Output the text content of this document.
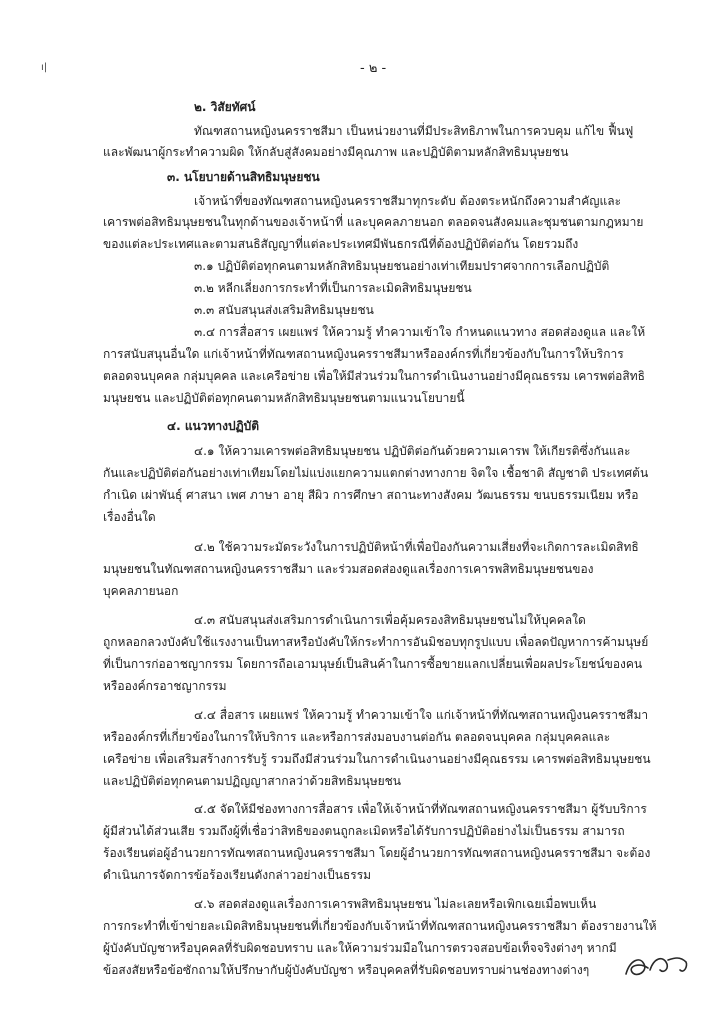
- ๒ -
ı|
๒. วิสัยทัศน์
ทัณฑสถานหญิงนครราชสีมา เป็นหน่วยงานที่มีประสิทธิภาพในการควบคุม แก้ไข ฟื้นฟู
และพัฒนาผู้กระทำความผิด ให้กลับสู่สังคมอย่างมีคุณภาพ และปฏิบัติตามหลักสิทธิมนุษยชน
๓. นโยบายด้านสิทธิมนุษยชน
เจ้าหน้าที่ของทัณฑสถานหญิงนครราชสีมาทุกระดับ ต้องตระหนักถึงความสำคัญและ
เคารพต่อสิทธิมนุษยชนในทุกด้านของเจ้าหน้าที่ และบุคคลภายนอก ตลอดจนสังคมและชุมชนตามกฎหมาย
ของแต่ละประเทศและตามสนธิสัญญาที่แต่ละประเทศมีพันธกรณีที่ต้องปฏิบัติต่อกัน โดยรวมถึง
๓.๑ ปฏิบัติต่อทุกคนตามหลักสิทธิมนุษยชนอย่างเท่าเทียมปราศจากการเลือกปฏิบัติ
๓.๒ หลีกเลี่ยงการกระทำที่เป็นการละเมิดสิทธิมนุษยชน
๓.๓ สนับสนุนส่งเสริมสิทธิมนุษยชน
๓.๔ การสื่อสาร เผยแพร่ ให้ความรู้ ทำความเข้าใจ กำหนดแนวทาง สอดส่องดูแล และให้
การสนับสนุนอื่นใด แก่เจ้าหน้าที่ทัณฑสถานหญิงนครราชสีมาหรือองค์กรที่เกี่ยวข้องกับในการให้บริการ
ตลอดจนบุคคล กลุ่มบุคคล และเครือข่าย เพื่อให้มีส่วนร่วมในการดำเนินงานอย่างมีคุณธรรม เคารพต่อสิทธิ
มนุษยชน และปฏิบัติต่อทุกคนตามหลักสิทธิมนุษยชนตามแนวนโยบายนี้
๔. แนวทางปฏิบัติ
๔.๑ ให้ความเคารพต่อสิทธิมนุษยชน ปฏิบัติต่อกันด้วยความเคารพ ให้เกียรติซึ่งกันและ
กันและปฏิบัติต่อกันอย่างเท่าเทียมโดยไม่แบ่งแยกความแตกต่างทางกาย จิตใจ เชื้อชาติ สัญชาติ ประเทศต้น
กำเนิด เผ่าพันธุ์ ศาสนา เพศ ภาษา อายุ สีผิว การศึกษา สถานะทางสังคม วัฒนธรรม ขนบธรรมเนียม หรือ
เรื่องอื่นใด
๔.๒ ใช้ความระมัดระวังในการปฏิบัติหน้าที่เพื่อป้องกันความเสี่ยงที่จะเกิดการละเมิดสิทธิ
มนุษยชนในทัณฑสถานหญิงนครราชสีมา และร่วมสอดส่องดูแลเรื่องการเคารพสิทธิมนุษยชนของ
บุคคลภายนอก
๔.๓ สนับสนุนส่งเสริมการดำเนินการเพื่อคุ้มครองสิทธิมนุษยชนไม่ให้บุคคลใด
ถูกหลอกลวงบังคับใช้แรงงานเป็นทาสหรือบังคับให้กระทำการอันมิชอบทุกรูปแบบ เพื่อลดปัญหาการค้ามนุษย์
ที่เป็นการก่ออาชญากรรม โดยการถือเอามนุษย์เป็นสินค้าในการซื้อขายแลกเปลี่ยนเพื่อผลประโยชน์ของคน
หรือองค์กรอาชญากรรม
๔.๔ สื่อสาร เผยแพร่ ให้ความรู้ ทำความเข้าใจ แก่เจ้าหน้าที่ทัณฑสถานหญิงนครราชสีมา
หรือองค์กรที่เกี่ยวข้องในการให้บริการ และหรือการส่งมอบงานต่อกัน ตลอดจนบุคคล กลุ่มบุคคลและ
เครือข่าย เพื่อเสริมสร้างการรับรู้ รวมถึงมีส่วนร่วมในการดำเนินงานอย่างมีคุณธรรม เคารพต่อสิทธิมนุษยชน
และปฏิบัติต่อทุกคนตามปฏิญญาสากลว่าด้วยสิทธิมนุษยชน
๔.๕ จัดให้มีช่องทางการสื่อสาร เพื่อให้เจ้าหน้าที่ทัณฑสถานหญิงนครราชสีมา ผู้รับบริการ
ผู้มีส่วนได้ส่วนเสีย รวมถึงผู้ที่เชื่อว่าสิทธิของตนถูกละเมิดหรือได้รับการปฏิบัติอย่างไม่เป็นธรรม สามารถ
ร้องเรียนต่อผู้อำนวยการทัณฑสถานหญิงนครราชสีมา โดยผู้อำนวยการทัณฑสถานหญิงนครราชสีมา จะต้อง
ดำเนินการจัดการข้อร้องเรียนดังกล่าวอย่างเป็นธรรม
๔.๖ สอดส่องดูแลเรื่องการเคารพสิทธิมนุษยชน ไม่ละเลยหรือเพิกเฉยเมื่อพบเห็น
การกระทำที่เข้าข่ายละเมิดสิทธิมนุษยชนที่เกี่ยวข้องกับเจ้าหน้าที่ทัณฑสถานหญิงนครราชสีมา ต้องรายงานให้
ผู้บังคับบัญชาหรือบุคคลที่รับผิดชอบทราบ และให้ความร่วมมือในการตรวจสอบข้อเท็จจริงต่างๆ หากมี
ข้อสงสัยหรือข้อซักถามให้ปรึกษากับผู้บังคับบัญชา หรือบุคคลที่รับผิดชอบทราบผ่านช่องทางต่างๆ
